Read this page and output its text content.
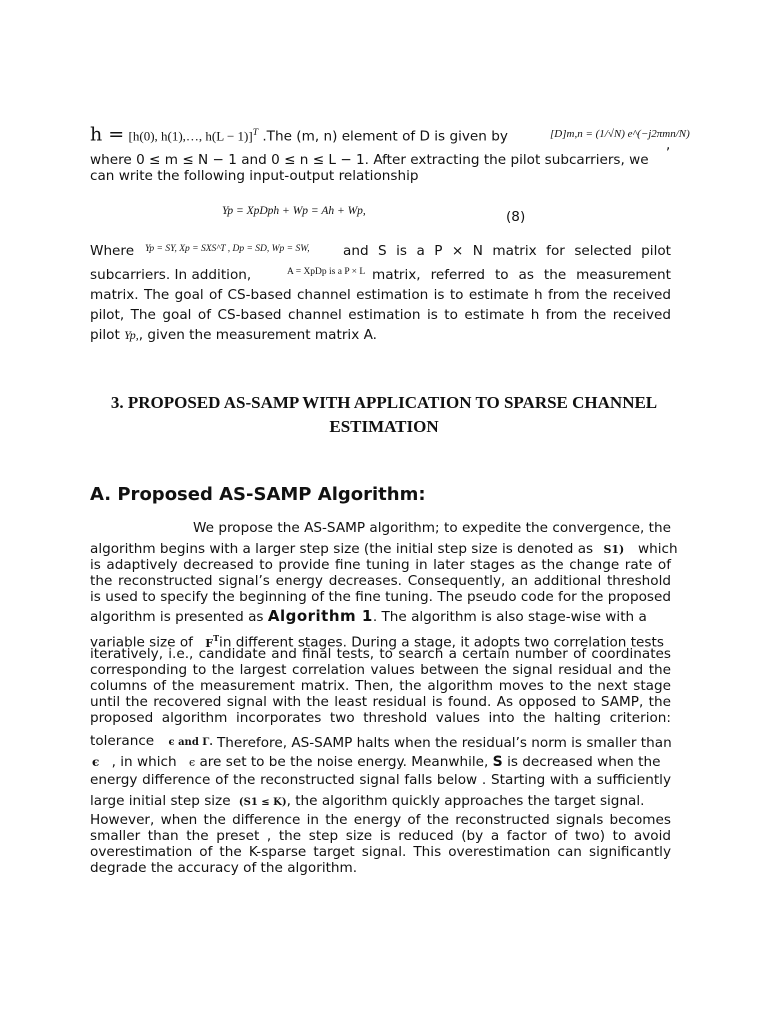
h = [h(0), h(1),…, h(L − 1)]$^T$ .The (m, n) element of D is given by	[D]m,n = (1/√N) e^(−j2πmn/N)
,
where 0 ≤ m ≤ N − 1 and 0 ≤ n ≤ L − 1. After extracting the pilot subcarriers, we
can write the following input-output relationship
Yp = XpDph + Wp = Ah + Wp,	(8)
Where Yp = SY, Xp = SXS^T , Dp = SD, Wp = SW, and S is a P × N matrix for selected pilot
subcarriers. In addition,	A = XpDp is a P × L matrix, referred to as the measurement
matrix. The goal of CS-based channel estimation is to estimate h from the received
pilot, The goal of CS-based channel estimation is to estimate h from the received
pilot Yp,, given the measurement matrix A.
3. PROPOSED AS-SAMP WITH APPLICATION TO SPARSE CHANNEL
ESTIMATION
A. Proposed AS-SAMP Algorithm:
We propose the AS-SAMP algorithm; to expedite the convergence, the
algorithm begins with a larger step size (the initial step size is denoted as S1) which
is adaptively decreased to provide fine tuning in later stages as the change rate of
the reconstructed signal’s energy decreases. Consequently, an additional threshold
is used to specify the beginning of the fine tuning. The pseudo code for the proposed
algorithm is presented as Algorithm 1. The algorithm is also stage-wise with a
variable size of $F^Tin$ different stages. During a stage, it adopts two correlation tests
iteratively, i.e., candidate and final tests, to search a certain number of coordinates
corresponding to the largest correlation values between the signal residual and the
columns of the measurement matrix. Then, the algorithm moves to the next stage
until the recovered signal with the least residual is found. As opposed to SAMP, the
proposed algorithm incorporates two threshold values into the halting criterion:
tolerance ϵ and Γ. Therefore, AS-SAMP halts when the residual’s norm is smaller than
ϵ , in which ϵ are set to be the noise energy. Meanwhile, S is decreased when the
energy difference of the reconstructed signal falls below . Starting with a sufficiently
large initial step size (S1 ≤ K), the algorithm quickly approaches the target signal.
However, when the difference in the energy of the reconstructed signals becomes
smaller than the preset , the step size is reduced (by a factor of two) to avoid
overestimation of the K-sparse target signal. This overestimation can significantly
degrade the accuracy of the algorithm.
